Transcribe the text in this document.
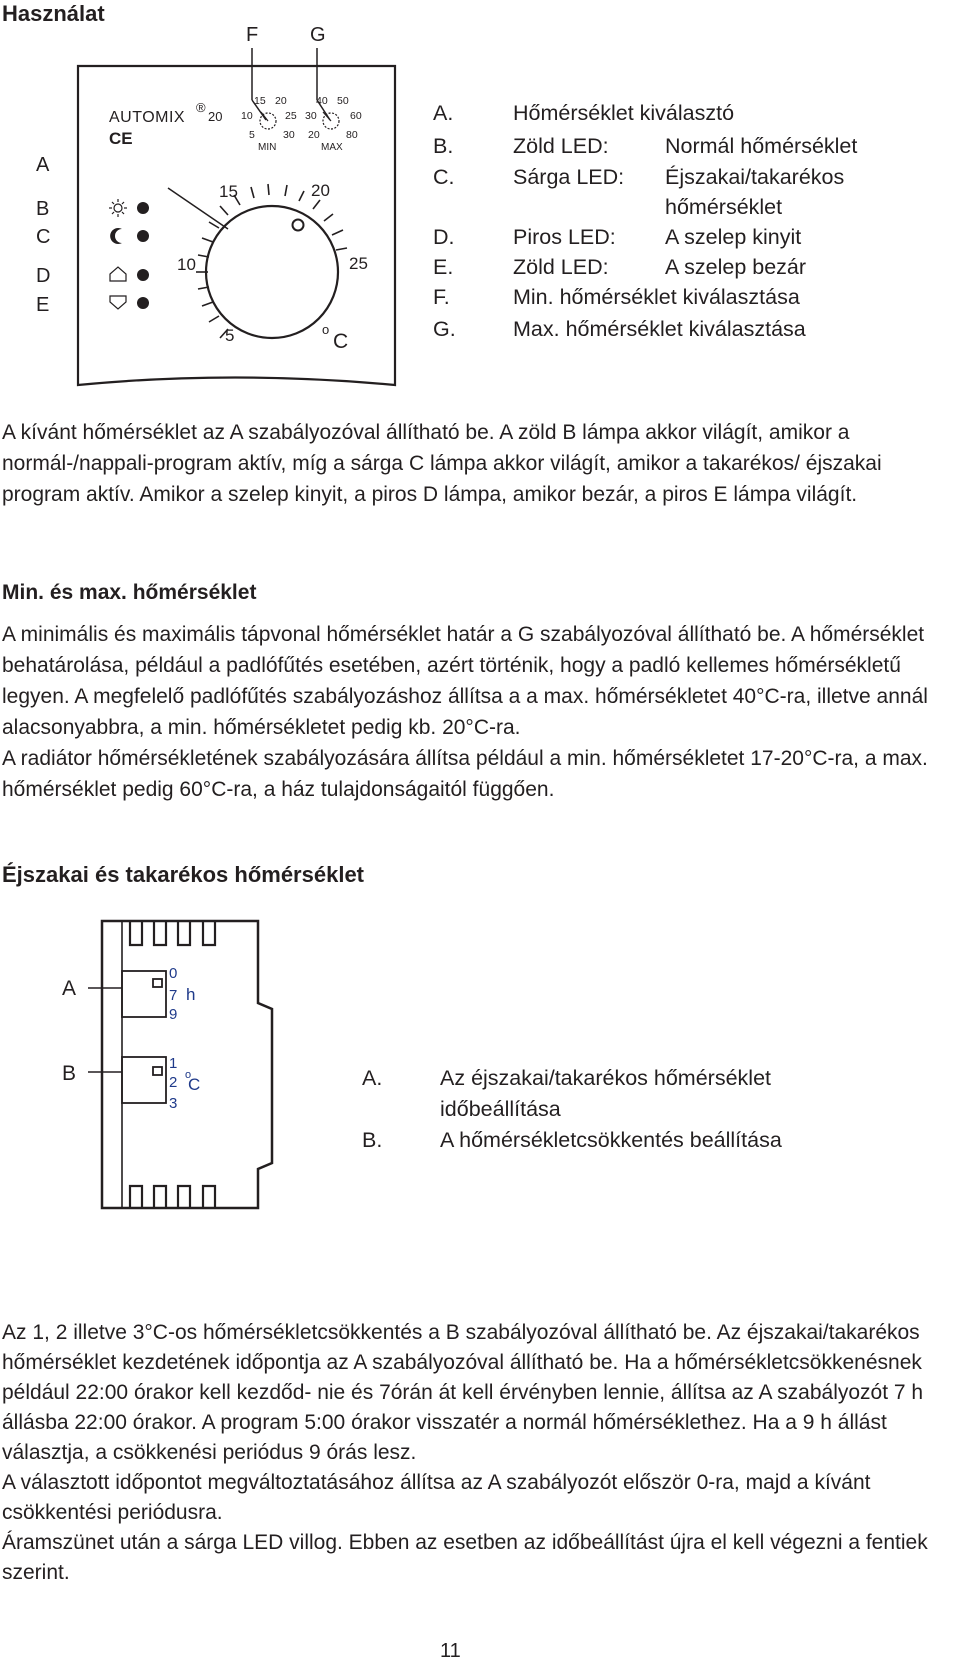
Használat
F	G
A
B
C
D
E
AUTOMIX
®
20
CE
15 20
10	25
5	30
MIN
40 50
30	60
20	80
MAX
15	20
10	25
5	o
C
A.	Hőmérséklet kiválasztó
B.	Zöld LED:	Normál hőmérséklet
C.	Sárga LED: Éjszakai/takarékos
hőmérséklet
D.	Piros LED: A szelep kinyit
E.	Zöld LED:	A szelep bezár
F.	Min. hőmérséklet kiválasztása
G.	Max. hőmérséklet kiválasztása

A kívánt hőmérséklet az A szabályozóval állítható be. A zöld B lámpa akkor világít, amikor a normál-/nappali-program aktív, míg a sárga C lámpa akkor világít, amikor a takarékos/ éjszakai program aktív. Amikor a szelep kinyit, a piros D lámpa, amikor bezár, a piros E lámpa világít.

Min. és max. hőmérséklet

A minimális és maximális tápvonal hőmérséklet határ a G szabályozóval állítható be. A hőmérséklet behatárolása, például a padlófűtés esetében, azért történik, hogy a padló kellemes hőmérsékletű legyen. A megfelelő padlófűtés szabályozáshoz állítsa a a max. hőmérsékletet 40°C-ra, illetve annál alacsonyabbra, a min. hőmérsékletet pedig kb. 20°C-ra.

A radiátor hőmérsékletének szabályozására állítsa például a min. hőmérsékletet 17-20°C-ra, a max. hőmérséklet pedig 60°C-ra, a ház tulajdonságaitól függően.

Éjszakai és takarékos hőmérséklet
A
B
0
7 h
9
1
2 o
C
3
A.	Az éjszakai/takarékos hőmérséklet
időbeállítása
B.	A hőmérsékletcsökkentés beállítása

Az 1, 2 illetve 3°C-os hőmérsékletcsökkentés a B szabályozóval állítható be. Az éjszakai/takarékos hőmérséklet kezdetének időpontja az A szabályozóval állítható be. Ha a hőmérsékletcsökkenésnek például 22:00 órakor kell kezdőd- nie és 7órán át kell érvényben lennie, állítsa az A szabályozót 7 h állásba 22:00 órakor. A program 5:00 órakor visszatér a normál hőmérséklethez. Ha a 9 h állást választja, a csökkenési periódus 9 órás lesz.

A választott időpontot megváltoztatásához állítsa az A szabályozót először 0-ra, majd a kívánt csökkentési periódusra.

Áramszünet után a sárga LED villog. Ebben az esetben az időbeállítást újra el kell végezni a fentiek szerint.

11
